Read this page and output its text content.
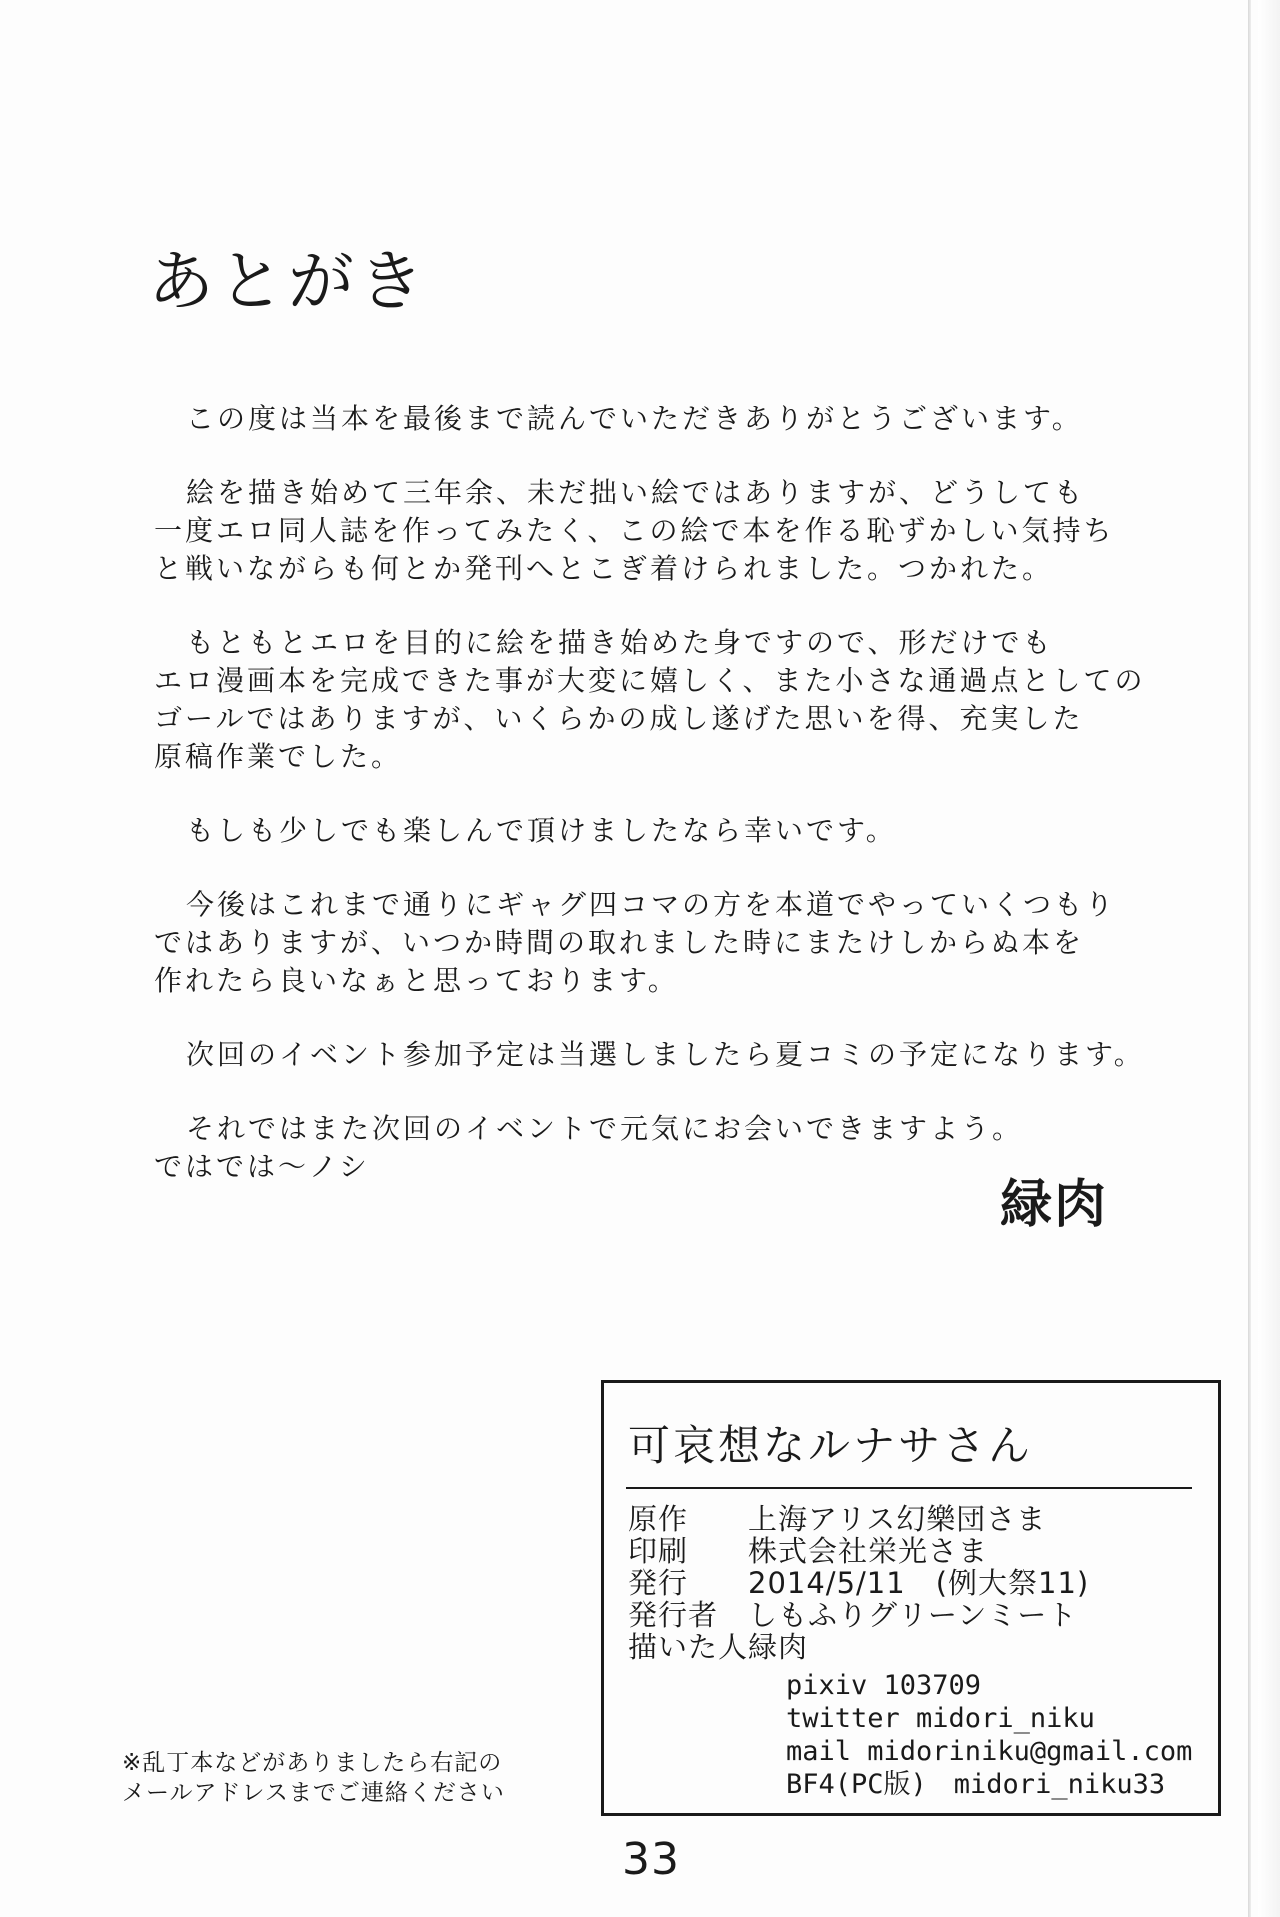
あとがき

この度は当本を最後まで読んでいただきありがとうございます。

絵を描き始めて三年余、未だ拙い絵ではありますが、どうしても
一度エロ同人誌を作ってみたく、この絵で本を作る恥ずかしい気持ち
と戦いながらも何とか発刊へとこぎ着けられました。つかれた。

もともとエロを目的に絵を描き始めた身ですので、形だけでも
エロ漫画本を完成できた事が大変に嬉しく、また小さな通過点としての
ゴールではありますが、いくらかの成し遂げた思いを得、充実した
原稿作業でした。

もしも少しでも楽しんで頂けましたなら幸いです。

今後はこれまで通りにギャグ四コマの方を本道でやっていくつもり
ではありますが、いつか時間の取れました時にまたけしからぬ本を
作れたら良いなぁと思っております。

次回のイベント参加予定は当選しましたら夏コミの予定になります。

それではまた次回のイベントで元気にお会いできますよう。
ではでは～ノシ

緑肉
可哀想なルナサさん
原作	上海アリス幻樂団さま
印刷	株式会社栄光さま
発行	2014/5/11　(例大祭11)
発行者	しもふりグリーンミート
描いた人 緑肉
pixiv 103709
twitter midori_niku
mail midoriniku@gmail.com
BF4(PC版)　midori_niku33
※乱丁本などがありましたら右記の
メールアドレスまでご連絡ください
33
